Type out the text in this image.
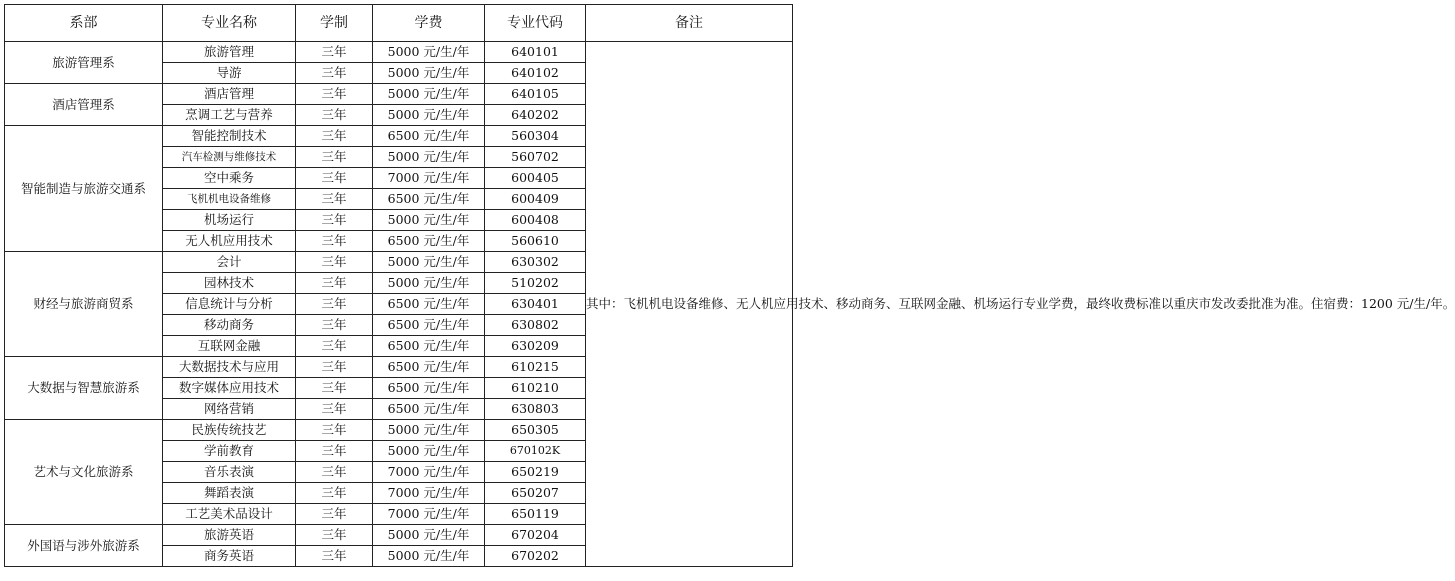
系部	专业名称	学制	学费	专业代码	备注
旅游管理系	旅游管理	三年	5000 元/生/年	640101	其中：飞机机电设备维修、无人机应用技术、移动商务、互联网金融、机场运行专业学费，最终收费标准以重庆市发改委批准为准。住宿费：1200 元/生/年。
	导游	三年	5000 元/生/年	640102	
酒店管理系	酒店管理	三年	5000 元/生/年	640105	
	烹调工艺与营养	三年	5000 元/生/年	640202	
智能制造与旅游交通系	智能控制技术	三年	6500 元/生/年	560304	
	汽车检测与维修技术	三年	5000 元/生/年	560702	
	空中乘务	三年	7000 元/生/年	600405	
	飞机机电设备维修	三年	6500 元/生/年	600409	
	机场运行	三年	5000 元/生/年	600408	
	无人机应用技术	三年	6500 元/生/年	560610	
财经与旅游商贸系	会计	三年	5000 元/生/年	630302	
	园林技术	三年	5000 元/生/年	510202	
	信息统计与分析	三年	6500 元/生/年	630401	
	移动商务	三年	6500 元/生/年	630802	
	互联网金融	三年	6500 元/生/年	630209	
大数据与智慧旅游系	大数据技术与应用	三年	6500 元/生/年	610215	
	数字媒体应用技术	三年	6500 元/生/年	610210	
	网络营销	三年	6500 元/生/年	630803	
艺术与文化旅游系	民族传统技艺	三年	5000 元/生/年	650305	
	学前教育	三年	5000 元/生/年	670102K	
	音乐表演	三年	7000 元/生/年	650219	
	舞蹈表演	三年	7000 元/生/年	650207	
	工艺美术品设计	三年	7000 元/生/年	650119	
外国语与涉外旅游系	旅游英语	三年	5000 元/生/年	670204	
	商务英语	三年	5000 元/生/年	670202	
